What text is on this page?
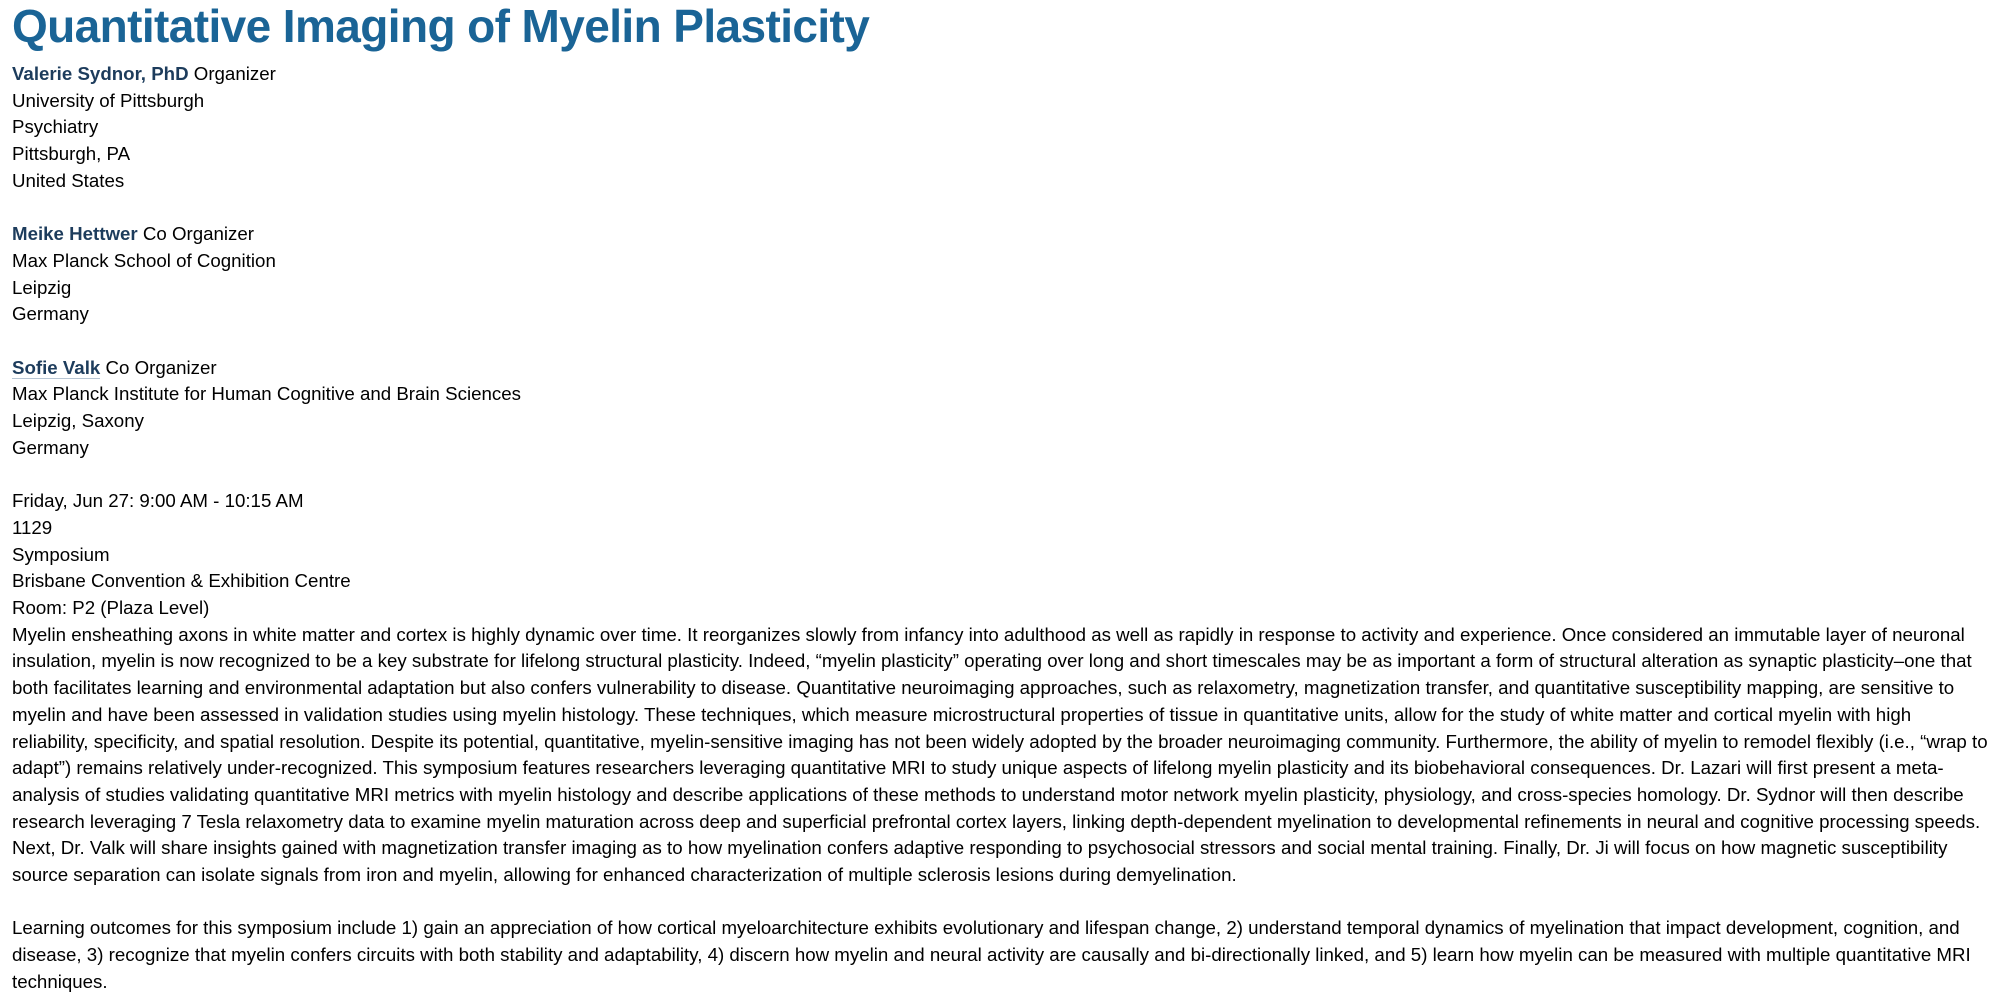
Quantitative Imaging of Myelin Plasticity
Valerie Sydnor, PhD Organizer
University of Pittsburgh
Psychiatry
Pittsburgh, PA
United States
Meike Hettwer Co Organizer
Max Planck School of Cognition
Leipzig
Germany
Sofie Valk Co Organizer
Max Planck Institute for Human Cognitive and Brain Sciences
Leipzig, Saxony
Germany
Friday, Jun 27: 9:00 AM - 10:15 AM
1129
Symposium
Brisbane Convention & Exhibition Centre
Room: P2 (Plaza Level)

Myelin ensheathing axons in white matter and cortex is highly dynamic over time. It reorganizes slowly from infancy into adulthood as well as rapidly in response to activity and experience. Once considered an immutable layer of neuronal insulation, myelin is now recognized to be a key substrate for lifelong structural plasticity. Indeed, “myelin plasticity” operating over long and short timescales may be as important a form of structural alteration as synaptic plasticity–one that both facilitates learning and environmental adaptation but also confers vulnerability to disease. Quantitative neuroimaging approaches, such as relaxometry, magnetization transfer, and quantitative susceptibility mapping, are sensitive to myelin and have been assessed in validation studies using myelin histology. These techniques, which measure microstructural properties of tissue in quantitative units, allow for the study of white matter and cortical myelin with high reliability, specificity, and spatial resolution. Despite its potential, quantitative, myelin-sensitive imaging has not been widely adopted by the broader neuroimaging community. Furthermore, the ability of myelin to remodel flexibly (i.e., “wrap to adapt”) remains relatively under-recognized. This symposium features researchers leveraging quantitative MRI to study unique aspects of lifelong myelin plasticity and its biobehavioral consequences. Dr. Lazari will first present a meta-analysis of studies validating quantitative MRI metrics with myelin histology and describe applications of these methods to understand motor network myelin plasticity, physiology, and cross-species homology. Dr. Sydnor will then describe research leveraging 7 Tesla relaxometry data to examine myelin maturation across deep and superficial prefrontal cortex layers, linking depth-dependent myelination to developmental refinements in neural and cognitive processing speeds. Next, Dr. Valk will share insights gained with magnetization transfer imaging as to how myelination confers adaptive responding to psychosocial stressors and social mental training. Finally, Dr. Ji will focus on how magnetic susceptibility source separation can isolate signals from iron and myelin, allowing for enhanced characterization of multiple sclerosis lesions during demyelination.

Learning outcomes for this symposium include 1) gain an appreciation of how cortical myeloarchitecture exhibits evolutionary and lifespan change, 2) understand temporal dynamics of myelination that impact development, cognition, and disease, 3) recognize that myelin confers circuits with both stability and adaptability, 4) discern how myelin and neural activity are causally and bi-directionally linked, and 5) learn how myelin can be measured with multiple quantitative MRI techniques.
